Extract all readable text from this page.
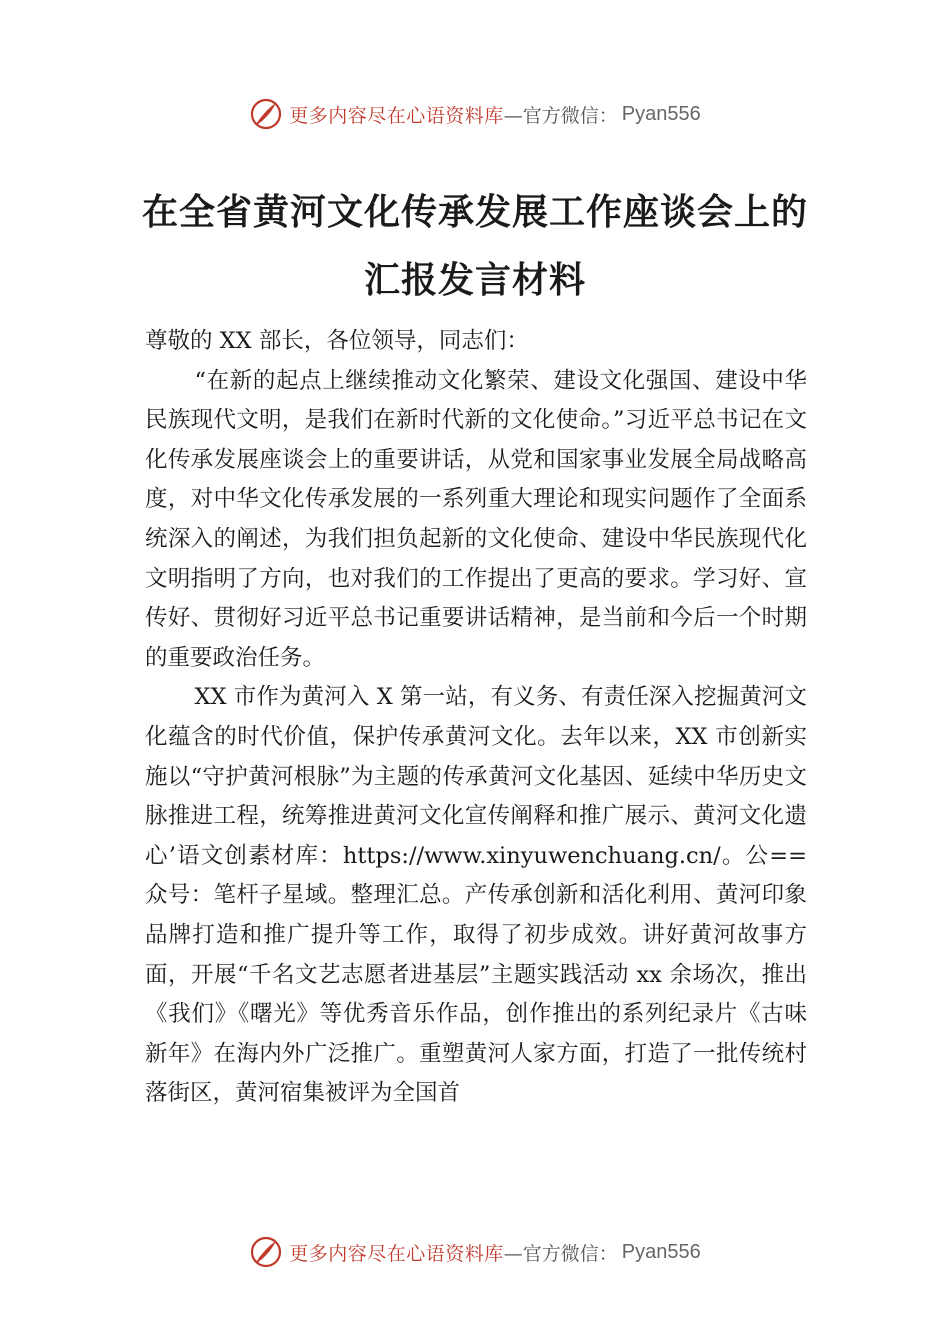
更多内容尽在心语资料库 —官方微信： Pyan556
在全省黄河文化传承发展工作座谈会上的
汇报发言材料

尊敬的 XX 部长，各位领导，同志们：

“在新的起点上继续推动文化繁荣、建设文化强国、建设中华民族现代文明，是我们在新时代新的文化使命。”习近平总书记在文化传承发展座谈会上的重要讲话，从党和国家事业发展全局战略高度，对中华文化传承发展的一系列重大理论和现实问题作了全面系统深入的阐述，为我们担负起新的文化使命、建设中华民族现代化文明指明了方向，也对我们的工作提出了更高的要求。学习好、宣传好、贯彻好习近平总书记重要讲话精神，是当前和今后一个时期的重要政治任务。

XX 市作为黄河入 X 第一站，有义务、有责任深入挖掘黄河文化蕴含的时代价值，保护传承黄河文化。去年以来，XX 市创新实施以“守护黄河根脉”为主题的传承黄河文化基因、延续中华历史文脉推进工程，统筹推进黄河文化宣传阐释和推广展示、黄河文化遗心’语文创素材库：https://www.xinyuwenchuang.cn/。公==众号：笔杆子星域。整理汇总。产传承创新和活化利用、黄河印象品牌打造和推广提升等工作，取得了初步成效。讲好黄河故事方面，开展“千名文艺志愿者进基层”主题实践活动 xx 余场次，推出《我们》《曙光》等优秀音乐作品，创作推出的系列纪录片《古味新年》在海内外广泛推广。重塑黄河人家方面，打造了一批传统村落街区，黄河宿集被评为全国首

更多内容尽在心语资料库 —官方微信： Pyan556
